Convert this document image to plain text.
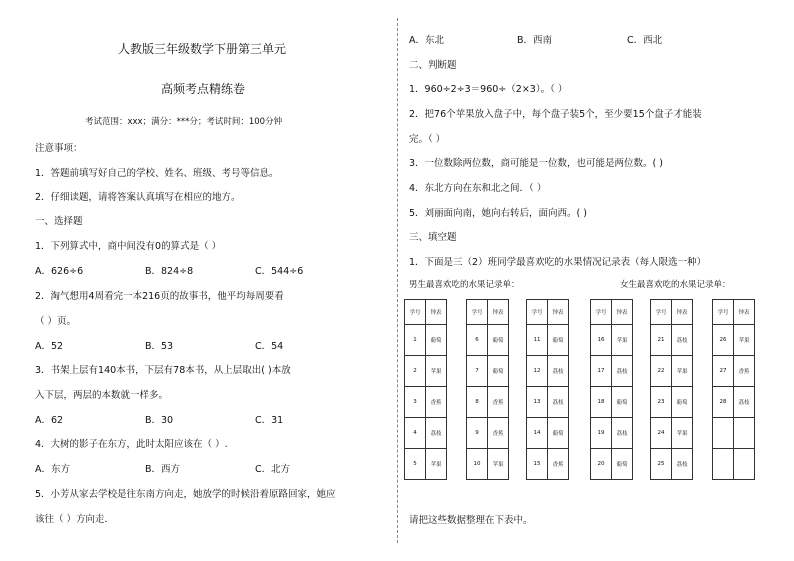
人教版三年级数学下册第三单元
高频考点精练卷
考试范围：xxx；满分：***分；考试时间：100分钟
注意事项：
1．答题前填写好自己的学校、姓名、班级、考号等信息。
2．仔细读题，请将答案认真填写在相应的地方。
一、选择题
1．下列算式中，商中间没有0的算式是（ ）
A．626÷6	B．824÷8	C．544÷6
2．淘气想用4周看完一本216页的故事书，他平均每周要看
（ ）页。
A．52	B．53	C．54
3．书架上层有140本书，下层有78本书，从上层取出( )本放
入下层，两层的本数就一样多。
A．62	B．30	C．31
4．大树的影子在东方，此时太阳应该在（ ）.
A．东方	B．西方	C．北方
5．小芳从家去学校是往东南方向走，她放学的时候沿着原路回家，她应
该往（ ）方向走．
A．东北	B．西南	C．西北
二、判断题
1．960÷2÷3＝960÷（2×3）。（ ）
2．把76个苹果放入盘子中，每个盘子装5个，至少要15个盘子才能装
完。（ ）
3．一位数除两位数，商可能是一位数，也可能是两位数。( )
4．东北方向在东和北之间．（ ）
5．刘丽面向南，她向右转后，面向西。( )
三、填空题
1．下面是三（2）班同学最喜欢吃的水果情况记录表（每人限选一种）
男生最喜欢吃的水果记录单：	女生最喜欢吃的水果记录单：
学号	钟表
1	葡萄
2	苹果
3	香蕉
4	荔枝
5	苹果
学号	钟表
6	葡萄
7	葡萄
8	香蕉
9	香蕉
10	苹果
学号	钟表
11	葡萄
12	荔枝
13	荔枝
14	葡萄
15	香蕉
学号	钟表
16	苹果
17	荔枝
18	葡萄
19	荔枝
20	葡萄
学号	钟表
21	荔枝
22	苹果
23	葡萄
24	苹果
25	荔枝
学号	钟表
26	苹果
27	香蕉
28	荔枝

请把这些数据整理在下表中。
